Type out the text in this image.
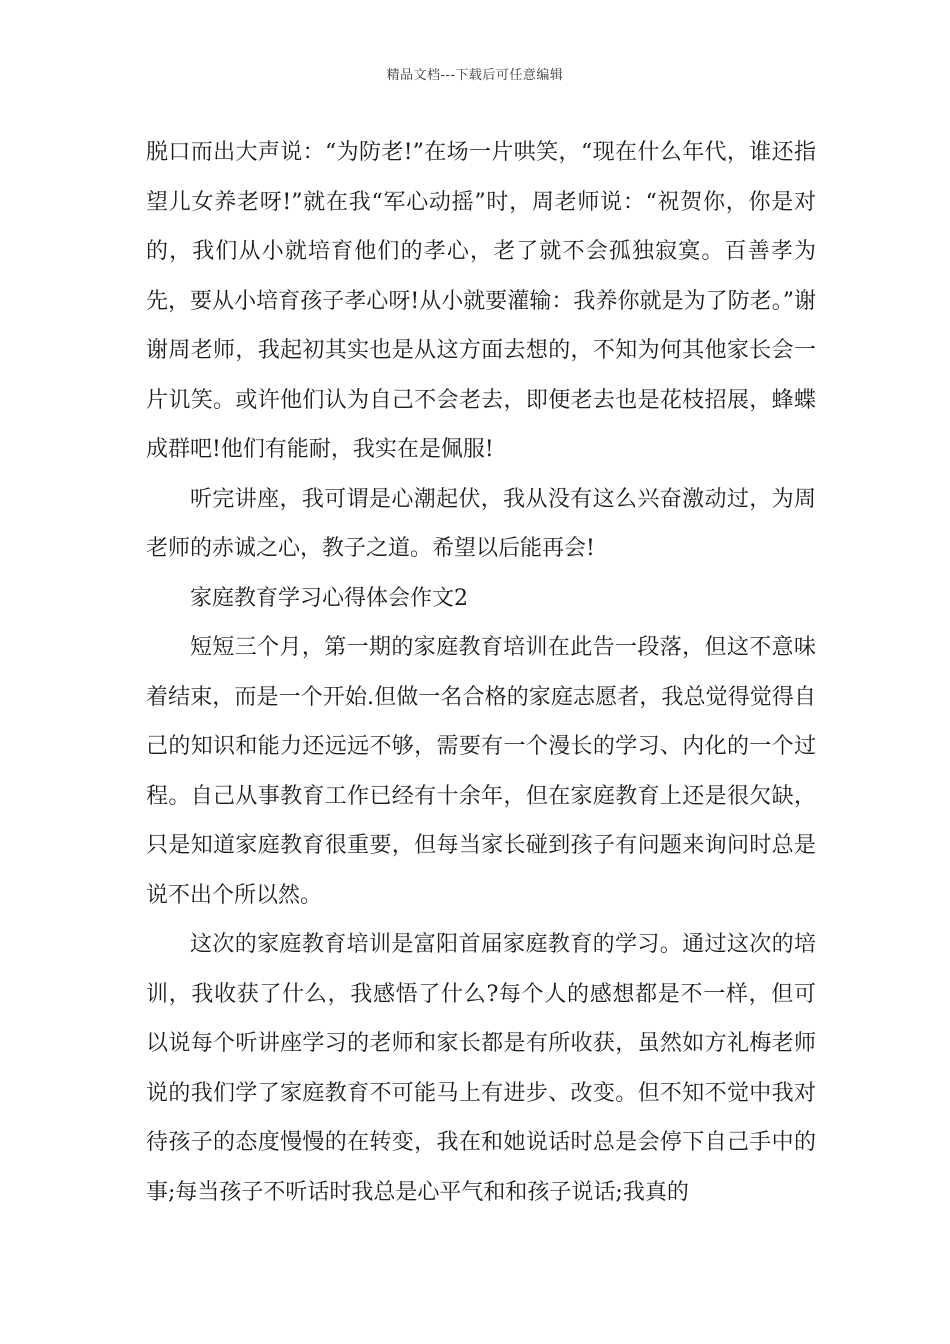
精品文档---下载后可任意编辑

脱口而出大声说：“为防老!”在场一片哄笑，“现在什么年代，谁还指望儿女养老呀!”就在我“军心动摇”时，周老师说：“祝贺你，你是对的，我们从小就培育他们的孝心，老了就不会孤独寂寞。百善孝为先，要从小培育孩子孝心呀!从小就要灌输：我养你就是为了防老。”谢谢周老师，我起初其实也是从这方面去想的，不知为何其他家长会一片讥笑。或许他们认为自己不会老去，即便老去也是花枝招展，蜂蝶成群吧!他们有能耐，我实在是佩服!

听完讲座，我可谓是心潮起伏，我从没有这么兴奋激动过，为周老师的赤诚之心，教子之道。希望以后能再会!

家庭教育学习心得体会作文2

短短三个月，第一期的家庭教育培训在此告一段落，但这不意味着结束，而是一个开始.但做一名合格的家庭志愿者，我总觉得觉得自己的知识和能力还远远不够，需要有一个漫长的学习、内化的一个过程。自己从事教育工作已经有十余年，但在家庭教育上还是很欠缺，只是知道家庭教育很重要，但每当家长碰到孩子有问题来询问时总是说不出个所以然。

这次的家庭教育培训是富阳首届家庭教育的学习。通过这次的培训，我收获了什么，我感悟了什么?每个人的感想都是不一样，但可以说每个听讲座学习的老师和家长都是有所收获，虽然如方礼梅老师说的我们学了家庭教育不可能马上有进步、改变。但不知不觉中我对待孩子的态度慢慢的在转变，我在和她说话时总是会停下自己手中的事;每当孩子不听话时我总是心平气和和孩子说话;我真的
